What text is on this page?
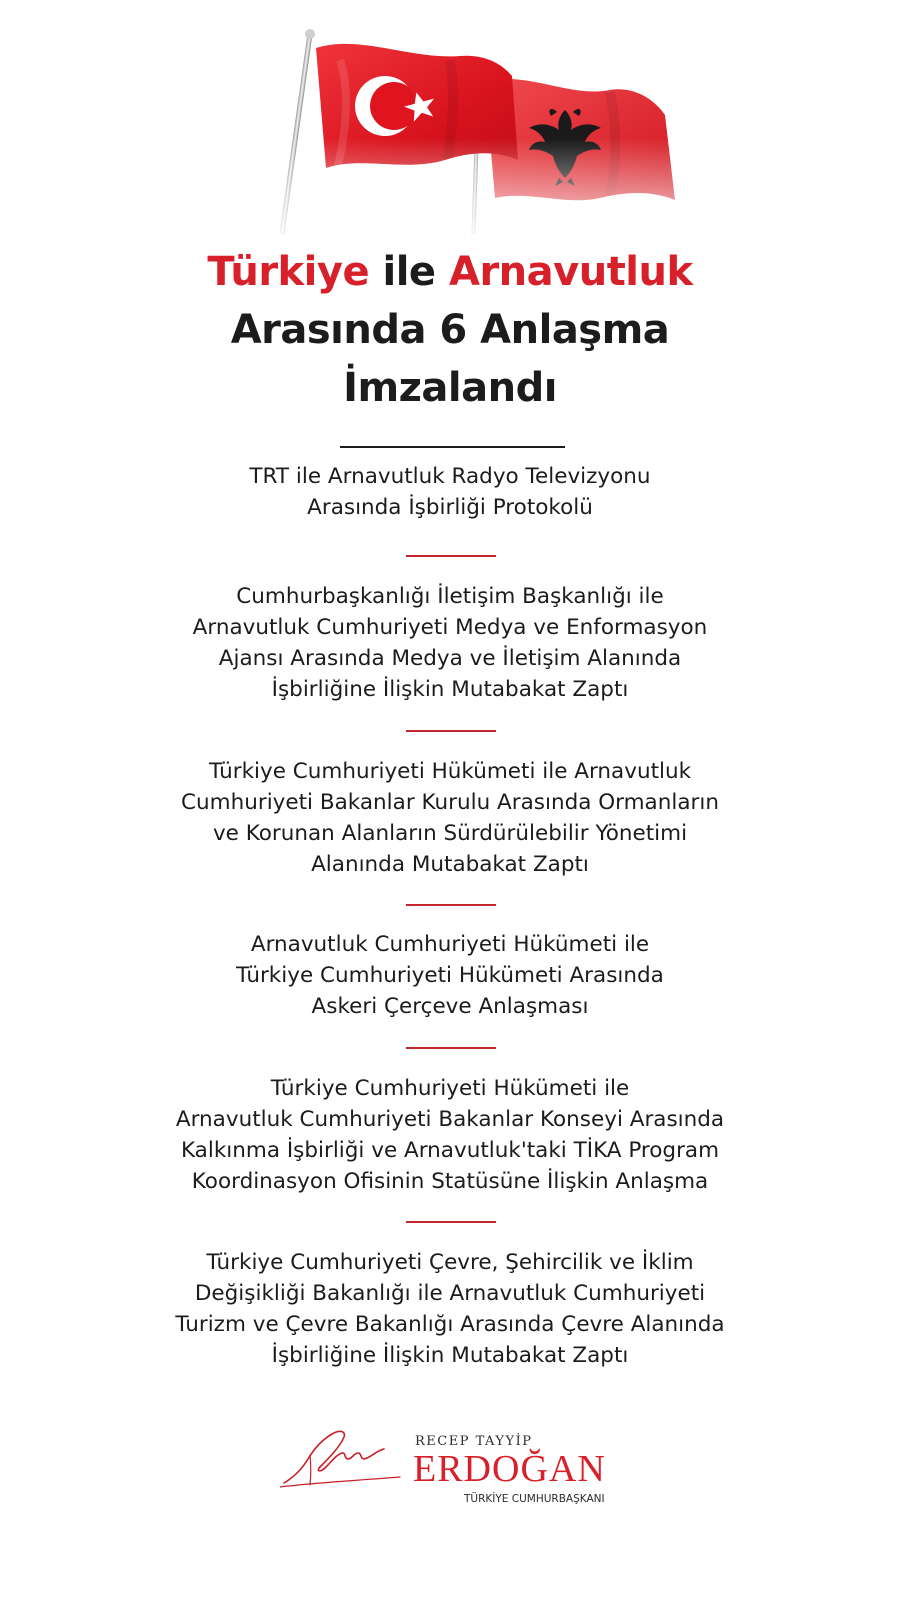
Türkiye ile Arnavutluk
Arasında 6 Anlaşma
İmzalandı
TRT ile Arnavutluk Radyo Televizyonu
Arasında İşbirliği Protokolü
Cumhurbaşkanlığı İletişim Başkanlığı ile
Arnavutluk Cumhuriyeti Medya ve Enformasyon
Ajansı Arasında Medya ve İletişim Alanında
İşbirliğine İlişkin Mutabakat Zaptı
Türkiye Cumhuriyeti Hükümeti ile Arnavutluk
Cumhuriyeti Bakanlar Kurulu Arasında Ormanların
ve Korunan Alanların Sürdürülebilir Yönetimi
Alanında Mutabakat Zaptı
Arnavutluk Cumhuriyeti Hükümeti ile
Türkiye Cumhuriyeti Hükümeti Arasında
Askeri Çerçeve Anlaşması
Türkiye Cumhuriyeti Hükümeti ile
Arnavutluk Cumhuriyeti Bakanlar Konseyi Arasında
Kalkınma İşbirliği ve Arnavutluk'taki TİKA Program
Koordinasyon Ofisinin Statüsüne İlişkin Anlaşma
Türkiye Cumhuriyeti Çevre, Şehircilik ve İklim
Değişikliği Bakanlığı ile Arnavutluk Cumhuriyeti
Turizm ve Çevre Bakanlığı Arasında Çevre Alanında
İşbirliğine İlişkin Mutabakat Zaptı
RECEP TAYYİP
ERDOĞAN
TÜRKİYE CUMHURBAŞKANI
